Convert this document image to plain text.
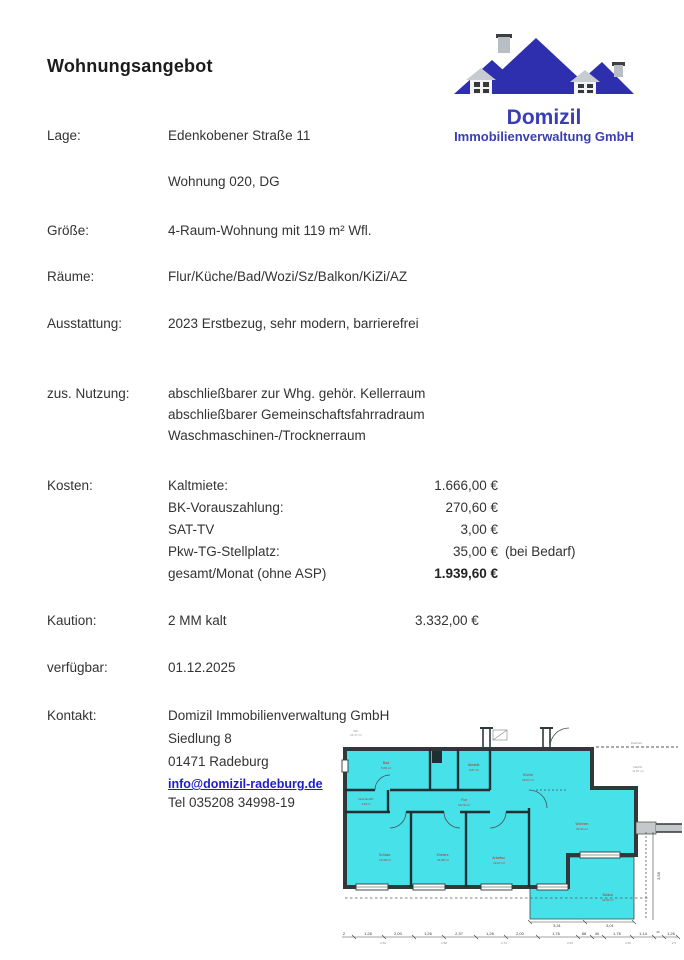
Wohnungsangebot
Domizil
Immobilienverwaltung GmbH
Lage:	Edenkobener Straße 11
Wohnung 020, DG
Größe:	4-Raum-Wohnung mit 119 m² Wfl.
Räume:	Flur/Küche/Bad/Wozi/Sz/Balkon/KiZi/AZ
Ausstattung:	2023 Erstbezug, sehr modern, barrierefrei
zus. Nutzung:	abschließbarer zur Whg. gehör. Kellerraum
abschließbarer Gemeinschaftsfahrradraum
Waschmaschinen-/Trocknerraum
Kosten:	Kaltmiete:	1.666,00 €
BK-Vorauszahlung:	270,60 €
SAT-TV	3,00 €
Pkw-TG-Stellplatz:	35,00 € (bei Bedarf)
gesamt/Monat (ohne ASP)	1.939,60 €
Kaution:	2 MM kalt	3.332,00 €
verfügbar:	01.12.2025
Kontakt:	Domizil Immobilienverwaltung GmbH
Siedlung 8
01471 Radeburg
info@domizil-radeburg.de
Tel 035208 34998-19
Bad
5.06 m²
Abstellr.
2.87 m²
Küche
13.07 m²
Flur
10.76 m²
Dusche-WC
2.26 m²
Schlafz.
12.98 m²
Kinderz.
14.88 m²	Arbeitsz.
13.27 m²
Wohnen
31.34 m²
Balkon
22.92 m²
Wfl.
24.37 m²
Dachterr.
Dachfl.
11.87 m²
3,31	3,01
3,58
2	1,26	2,00	1,26	2,37	1,26	2,00	1,76	88 40	1,76	1,14	26 1,26
2,50	2,58	2,74	2,63	2,50	2,5
